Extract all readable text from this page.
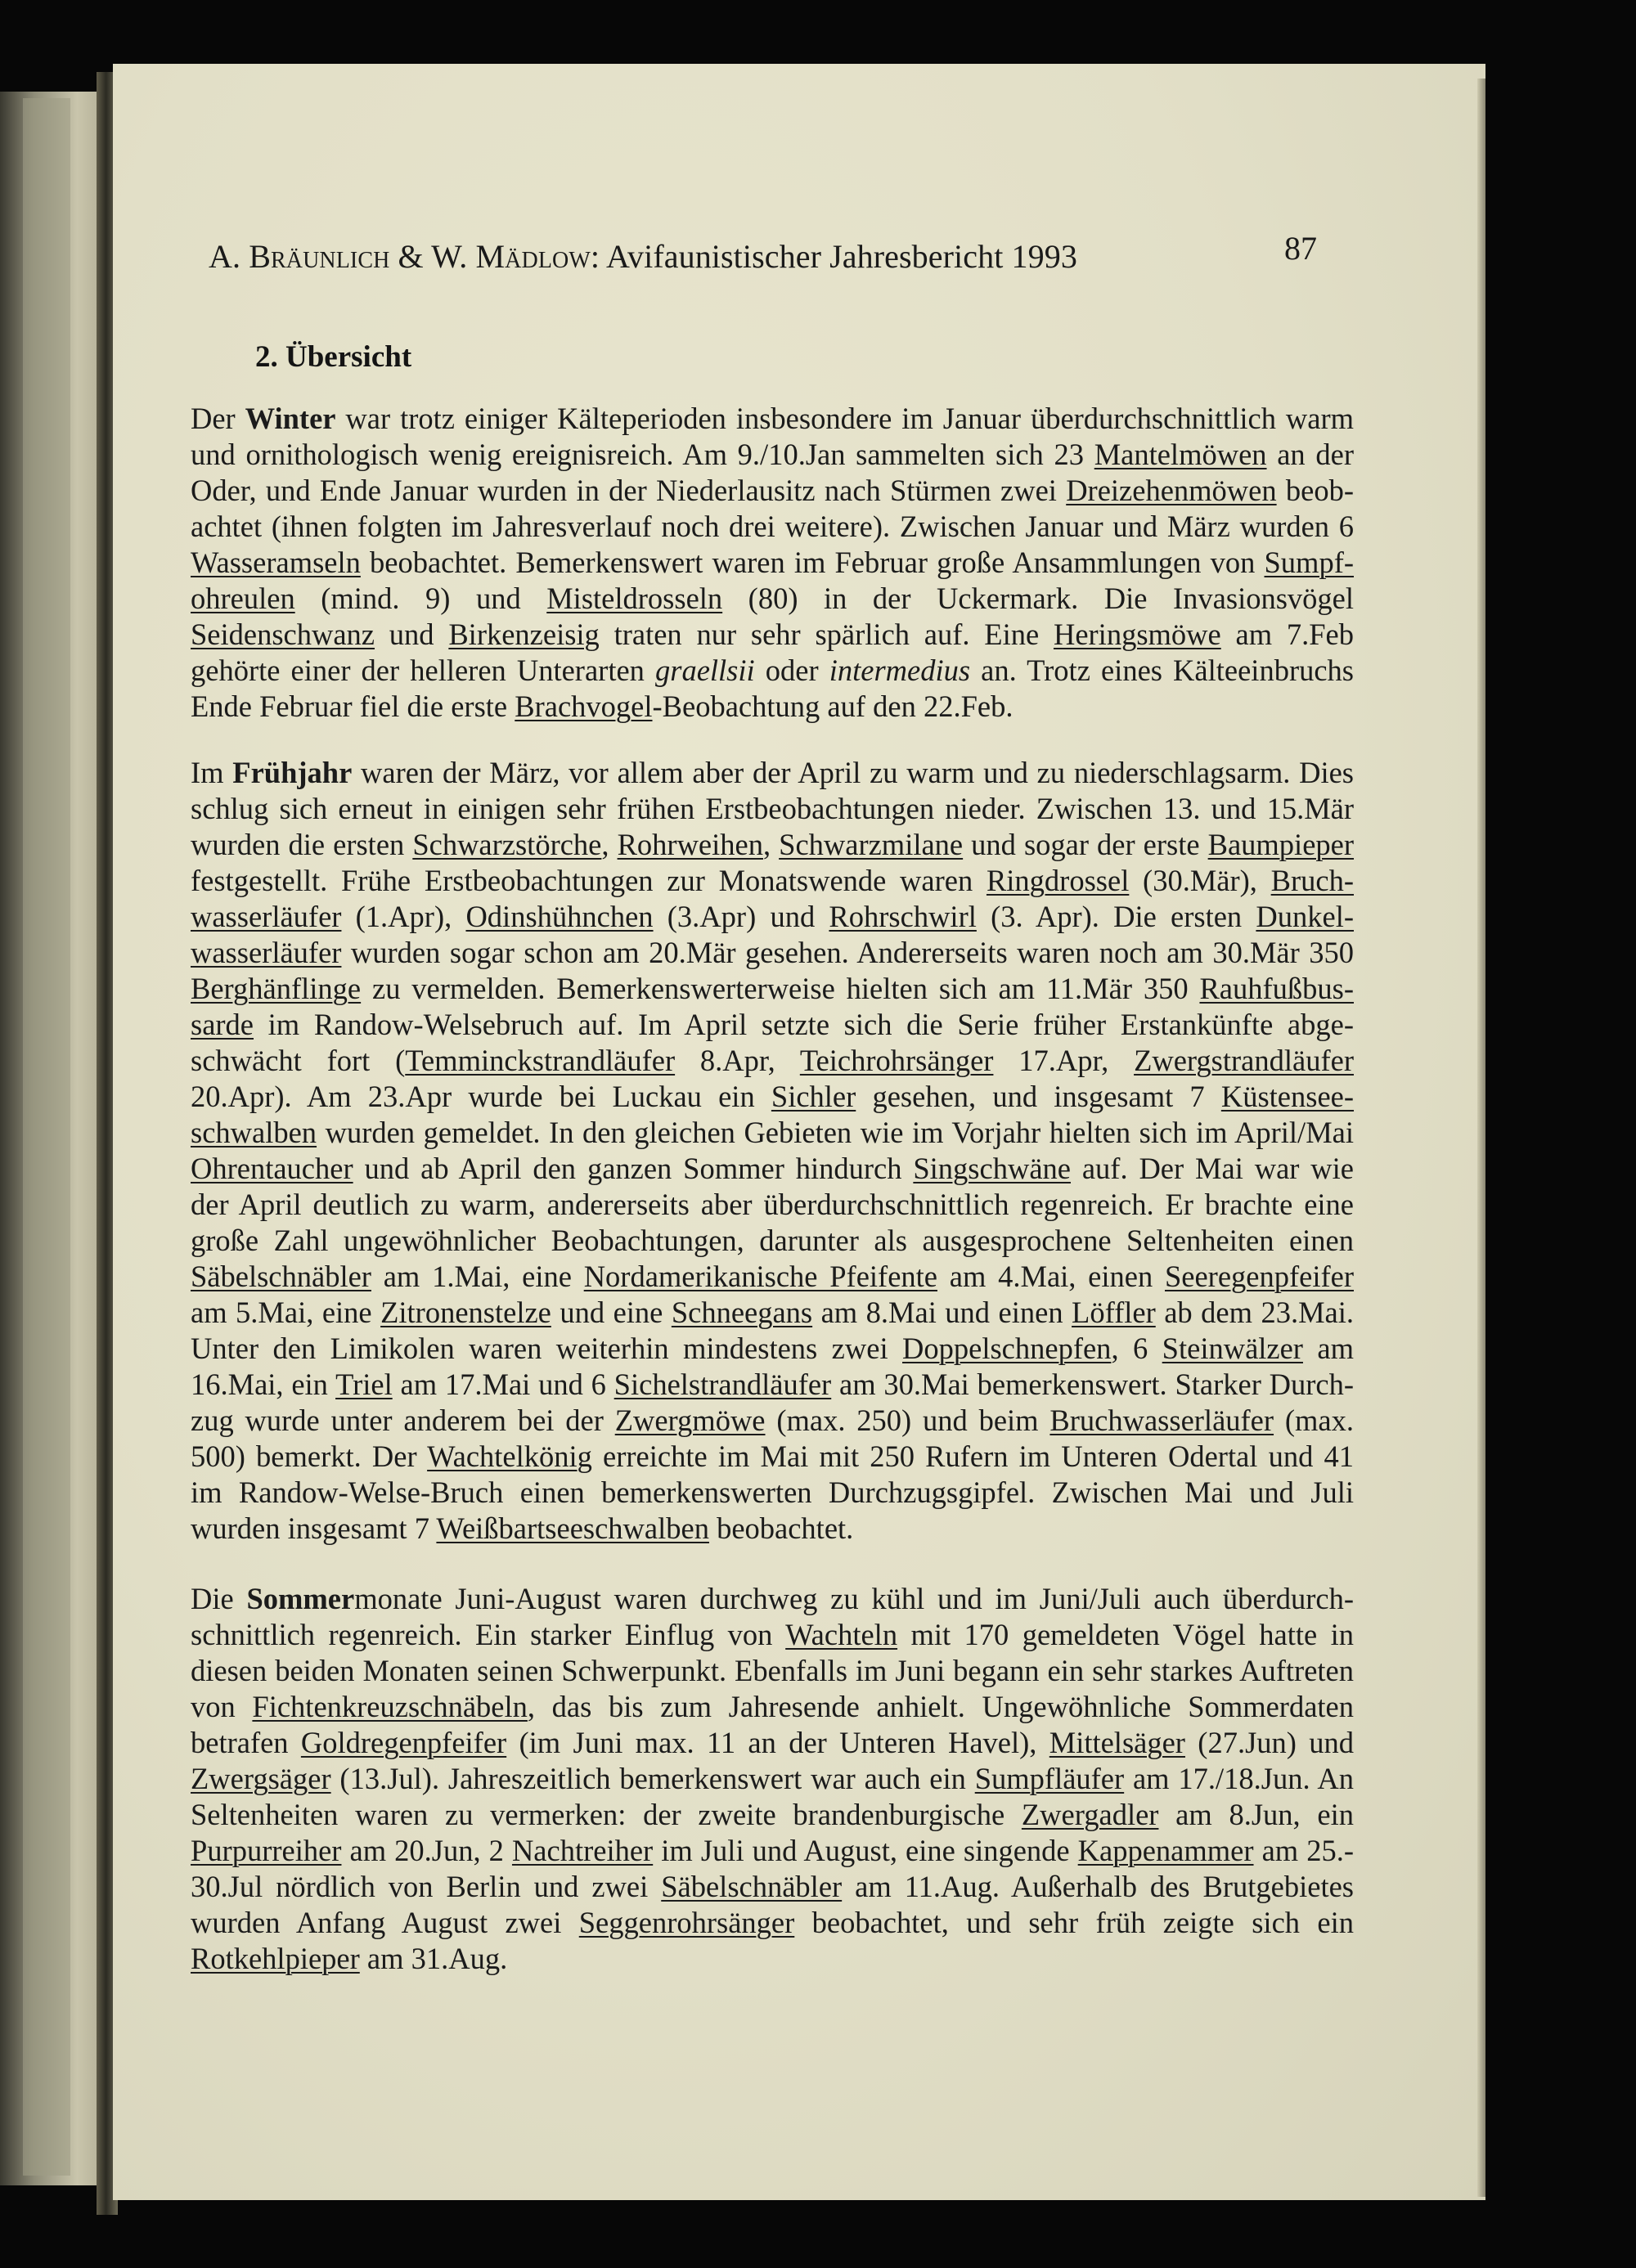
A. Bräunlich & W. Mädlow: Avifaunistischer Jahresbericht 1993	87
2. Übersicht
Der Winter war trotz einiger Kälteperioden insbesondere im Januar überdurchschnittlich warm
und ornithologisch wenig ereignisreich. Am 9./10.Jan sammelten sich 23 Mantelmöwen an der
Oder, und Ende Januar wurden in der Niederlausitz nach Stürmen zwei Dreizehenmöwen beob-
achtet (ihnen folgten im Jahresverlauf noch drei weitere). Zwischen Januar und März wurden 6
Wasseramseln beobachtet. Bemerkenswert waren im Februar große Ansammlungen von Sumpf-
ohreulen (mind. 9) und Misteldrosseln (80) in der Uckermark. Die Invasionsvögel
Seidenschwanz und Birkenzeisig traten nur sehr spärlich auf. Eine Heringsmöwe am 7.Feb
gehörte einer der helleren Unterarten graellsii oder intermedius an. Trotz eines Kälteeinbruchs
Ende Februar fiel die erste Brachvogel-Beobachtung auf den 22.Feb.
Im Frühjahr waren der März, vor allem aber der April zu warm und zu niederschlagsarm. Dies
schlug sich erneut in einigen sehr frühen Erstbeobachtungen nieder. Zwischen 13. und 15.Mär
wurden die ersten Schwarzstörche, Rohrweihen, Schwarzmilane und sogar der erste Baumpieper
festgestellt. Frühe Erstbeobachtungen zur Monatswende waren Ringdrossel (30.Mär), Bruch-
wasserläufer (1.Apr), Odinshühnchen (3.Apr) und Rohrschwirl (3. Apr). Die ersten Dunkel-
wasserläufer wurden sogar schon am 20.Mär gesehen. Andererseits waren noch am 30.Mär 350
Berghänflinge zu vermelden. Bemerkenswerterweise hielten sich am 11.Mär 350 Rauhfußbus-
sarde im Randow-Welsebruch auf. Im April setzte sich die Serie früher Erstankünfte abge-
schwächt fort (Temminckstrandläufer 8.Apr, Teichrohrsänger 17.Apr, Zwergstrandläufer
20.Apr). Am 23.Apr wurde bei Luckau ein Sichler gesehen, und insgesamt 7 Küstensee-
schwalben wurden gemeldet. In den gleichen Gebieten wie im Vorjahr hielten sich im April/Mai
Ohrentaucher und ab April den ganzen Sommer hindurch Singschwäne auf. Der Mai war wie
der April deutlich zu warm, andererseits aber überdurchschnittlich regenreich. Er brachte eine
große Zahl ungewöhnlicher Beobachtungen, darunter als ausgesprochene Seltenheiten einen
Säbelschnäbler am 1.Mai, eine Nordamerikanische Pfeifente am 4.Mai, einen Seeregenpfeifer
am 5.Mai, eine Zitronenstelze und eine Schneegans am 8.Mai und einen Löffler ab dem 23.Mai.
Unter den Limikolen waren weiterhin mindestens zwei Doppelschnepfen, 6 Steinwälzer am
16.Mai, ein Triel am 17.Mai und 6 Sichelstrandläufer am 30.Mai bemerkenswert. Starker Durch-
zug wurde unter anderem bei der Zwergmöwe (max. 250) und beim Bruchwasserläufer (max.
500) bemerkt. Der Wachtelkönig erreichte im Mai mit 250 Rufern im Unteren Odertal und 41
im Randow-Welse-Bruch einen bemerkenswerten Durchzugsgipfel. Zwischen Mai und Juli
wurden insgesamt 7 Weißbartseeschwalben beobachtet.
Die Sommermonate Juni-August waren durchweg zu kühl und im Juni/Juli auch überdurch-
schnittlich regenreich. Ein starker Einflug von Wachteln mit 170 gemeldeten Vögel hatte in
diesen beiden Monaten seinen Schwerpunkt. Ebenfalls im Juni begann ein sehr starkes Auftreten
von Fichtenkreuzschnäbeln, das bis zum Jahresende anhielt. Ungewöhnliche Sommerdaten
betrafen Goldregenpfeifer (im Juni max. 11 an der Unteren Havel), Mittelsäger (27.Jun) und
Zwergsäger (13.Jul). Jahreszeitlich bemerkenswert war auch ein Sumpfläufer am 17./18.Jun. An
Seltenheiten waren zu vermerken: der zweite brandenburgische Zwergadler am 8.Jun, ein
Purpurreiher am 20.Jun, 2 Nachtreiher im Juli und August, eine singende Kappenammer am 25.-
30.Jul nördlich von Berlin und zwei Säbelschnäbler am 11.Aug. Außerhalb des Brutgebietes
wurden Anfang August zwei Seggenrohrsänger beobachtet, und sehr früh zeigte sich ein
Rotkehlpieper am 31.Aug.
